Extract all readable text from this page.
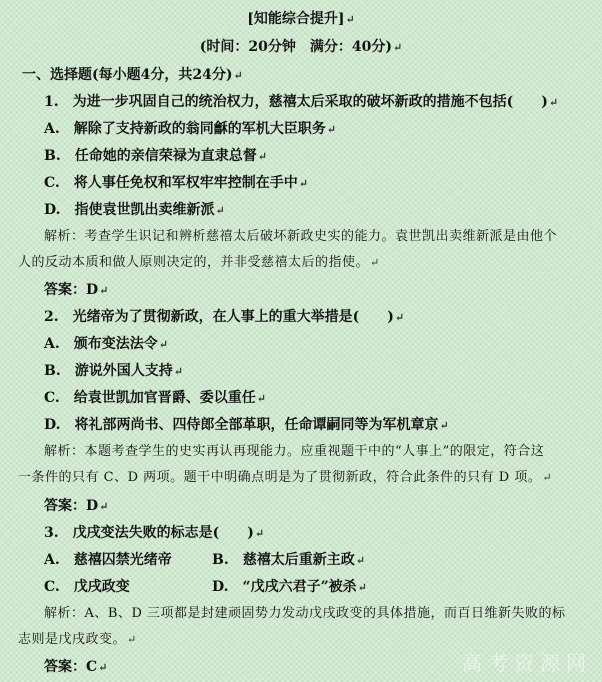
[知能综合提升]↵
(时间：20分钟　满分：40分)↵
一、选择题(每小题4分，共24分)↵
1.　为进一步巩固自己的统治权力，慈禧太后采取的破坏新政的措施不包括(　　)↵
A.　解除了支持新政的翁同龢的军机大臣职务↵
B.　任命她的亲信荣禄为直隶总督↵
C.　将人事任免权和军权牢牢控制在手中↵
D.　指使袁世凯出卖维新派↵
解析：考查学生识记和辨析慈禧太后破坏新政史实的能力。袁世凯出卖维新派是由他个
人的反动本质和做人原则决定的，并非受慈禧太后的指使。↵
答案：D↵
2.　光绪帝为了贯彻新政，在人事上的重大举措是(　　)↵
A.　颁布变法法令↵
B.　游说外国人支持↵
C.　给袁世凯加官晋爵、委以重任↵
D.　将礼部两尚书、四侍郎全部革职，任命谭嗣同等为军机章京↵
解析：本题考查学生的史实再认再现能力。应重视题干中的“人事上”的限定，符合这
一条件的只有 C、D 两项。题干中明确点明是为了贯彻新政，符合此条件的只有 D 项。↵
答案：D↵
3.　戊戌变法失败的标志是(　　)↵
A.　慈禧囚禁光绪帝	B.　慈禧太后重新主政↵
C.　戊戌政变	D.　“戊戌六君子”被杀↵
解析：A、B、D 三项都是封建顽固势力发动戊戌政变的具体措施，而百日维新失败的标
志则是戊戌政变。↵
答案：C↵	高考资源网
